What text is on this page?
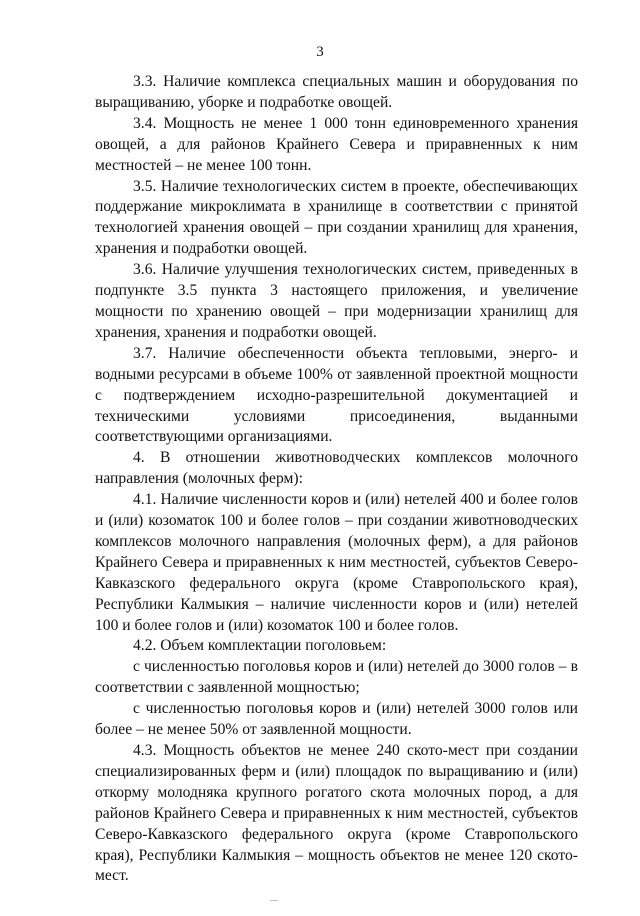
3

3.3. Наличие комплекса специальных машин и оборудования по выращиванию, уборке и подработке овощей.

3.4. Мощность не менее 1 000 тонн единовременного хранения овощей, а для районов Крайнего Севера и приравненных к ним местностей – не менее 100 тонн.

3.5. Наличие технологических систем в проекте, обеспечивающих поддержание микроклимата в хранилище в соответствии с принятой технологией хранения овощей – при создании хранилищ для хранения, хранения и подработки овощей.

3.6. Наличие улучшения технологических систем, приведенных в подпункте 3.5 пункта 3 настоящего приложения, и увеличение мощности по хранению овощей – при модернизации хранилищ для хранения, хранения и подработки овощей.

3.7. Наличие обеспеченности объекта тепловыми, энерго- и водными ресурсами в объеме 100% от заявленной проектной мощности с подтверждением исходно-разрешительной документацией и техническими условиями присоединения, выданными соответствующими организациями.

4. В отношении животноводческих комплексов молочного направления (молочных ферм):

4.1. Наличие численности коров и (или) нетелей 400 и более голов и (или) козоматок 100 и более голов – при создании животноводческих комплексов молочного направления (молочных ферм), а для районов Крайнего Севера и приравненных к ним местностей, субъектов Северо-Кавказского федерального округа (кроме Ставропольского края), Республики Калмыкия – наличие численности коров и (или) нетелей 100 и более голов и (или) козоматок 100 и более голов.

4.2. Объем комплектации поголовьем:

с численностью поголовья коров и (или) нетелей до 3000 голов – в соответствии с заявленной мощностью;

с численностью поголовья коров и (или) нетелей 3000 голов или более – не менее 50% от заявленной мощности.

4.3. Мощность объектов не менее 240 ското-мест при создании специализированных ферм и (или) площадок по выращиванию и (или) откорму молодняка крупного рогатого скота молочных пород, а для районов Крайнего Севера и приравненных к ним местностей, субъектов Северо-Кавказского федерального округа (кроме Ставропольского края), Республики Калмыкия – мощность объектов не менее 120 ското-мест.
